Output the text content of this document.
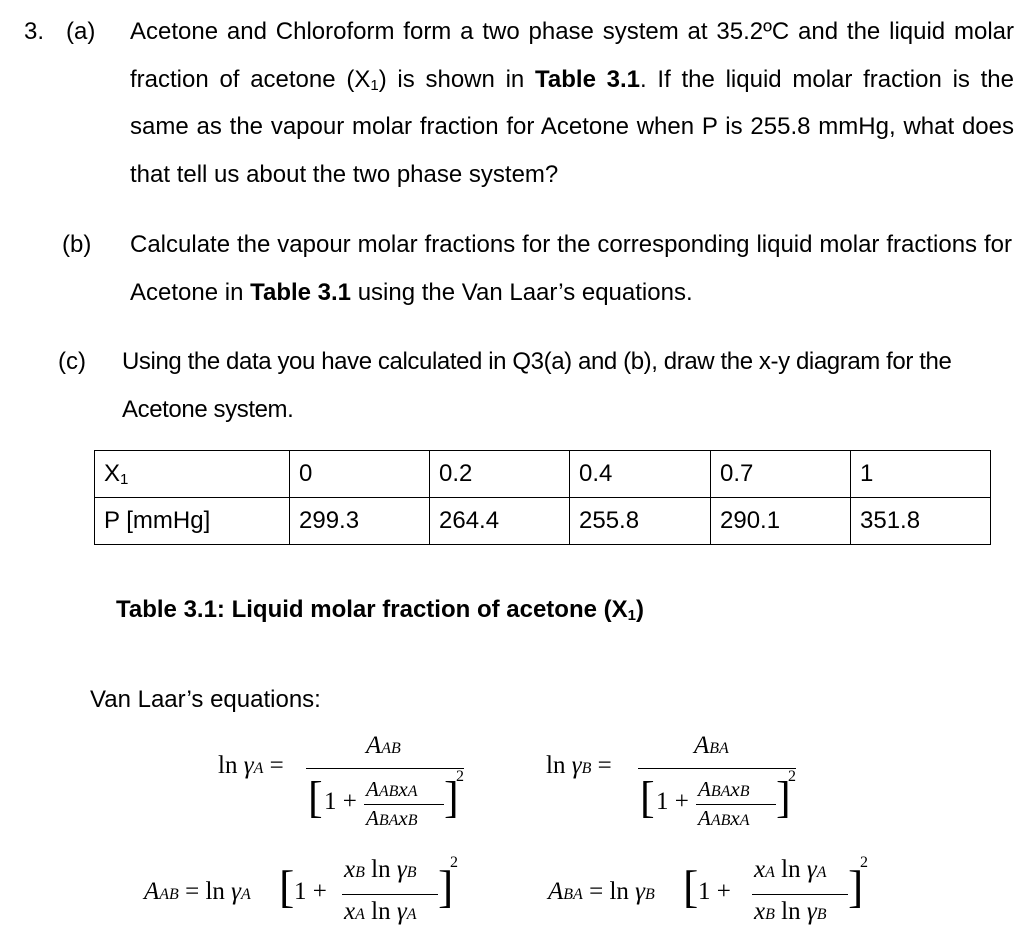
3. (a) Acetone and Chloroform form a two phase system at 35.2ºC and the liquid molar fraction of acetone $(X_1)$ is shown in Table 3.1. If the liquid molar fraction is the same as the vapour molar fraction for Acetone when P is 255.8 mmHg, what does that tell us about the two phase system?
(b) Calculate the vapour molar fractions for the corresponding liquid molar fractions for Acetone in Table 3.1 using the Van Laar’s equations.
(c) Using the data you have calculated in Q3(a) and (b), draw the x-y diagram for the Acetone system.
$X_1$	0	0.2	0.4	0.7	1
P [mmHg]	299.3	264.4	255.8	290.1	351.8
Table 3.1: Liquid molar fraction of acetone $(X_1)$
Van Laar’s equations:
ln γA =
AAB
[ 1 + AABxA
ABAxB ]
2	ln γB =
ABA
[ 1 + ABAxB
AABxA ]
2
AAB = ln γA [ 1 +
xB ln γB
xA ln γA
]
2
ABA = ln γB [ 1 +
xA ln γA
xB ln γB
]
2
